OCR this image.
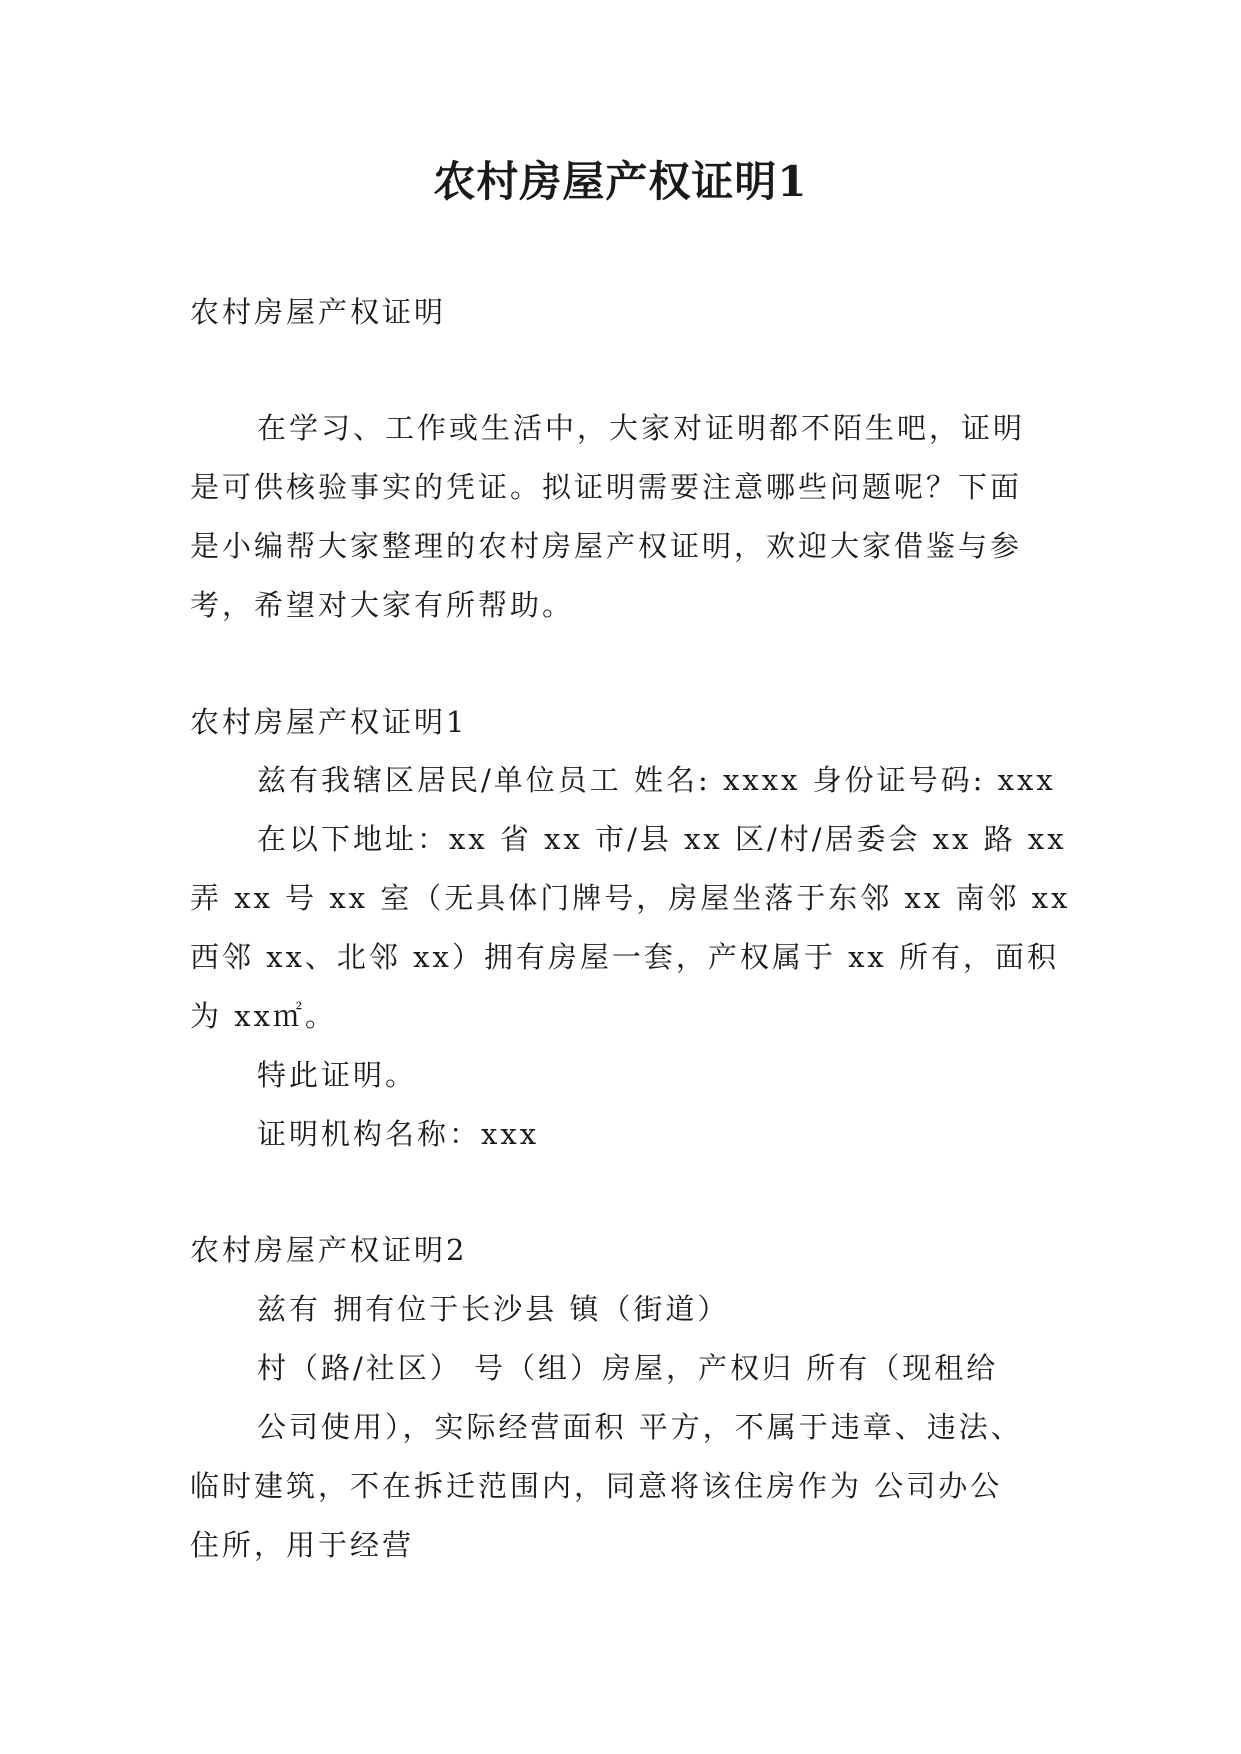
农村房屋产权证明1

农村房屋产权证明

在学习、工作或生活中，大家对证明都不陌生吧，证明

是可供核验事实的凭证。拟证明需要注意哪些问题呢？下面

是小编帮大家整理的农村房屋产权证明，欢迎大家借鉴与参

考，希望对大家有所帮助。

农村房屋产权证明1

兹有我辖区居民/单位员工 姓名: xxxx 身份证号码: xxx

在以下地址：xx 省 xx 市/县 xx 区/村/居委会 xx 路 xx

弄 xx 号 xx 室（无具体门牌号，房屋坐落于东邻 xx 南邻 xx

西邻 xx、北邻 xx）拥有房屋一套，产权属于 xx 所有，面积

为 xx㎡。

特此证明。

证明机构名称：xxx

农村房屋产权证明2

兹有 拥有位于长沙县 镇（街道）

村（路/社区） 号（组）房屋，产权归 所有（现租给

公司使用），实际经营面积 平方，不属于违章、违法、

临时建筑，不在拆迁范围内，同意将该住房作为 公司办公

住所，用于经营
